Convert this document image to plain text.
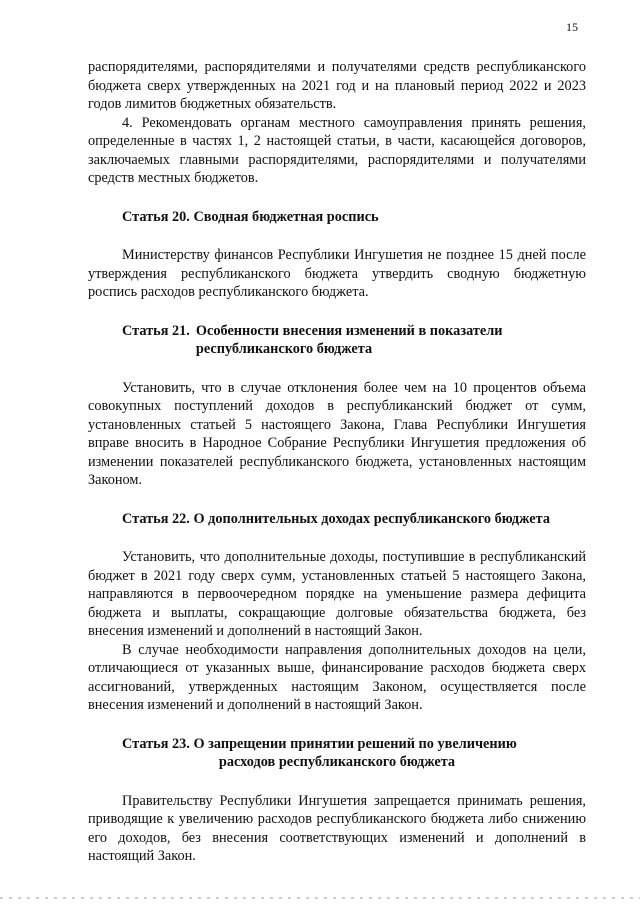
15

распорядителями, распорядителями и получателями средств республиканского бюджета сверх утвержденных на 2021 год и на плановый период 2022 и 2023 годов лимитов бюджетных обязательств.

4. Рекомендовать органам местного самоуправления принять решения, определенные в частях 1, 2 настоящей статьи, в части, касающейся договоров, заключаемых главными распорядителями, распорядителями и получателями средств местных бюджетов.

Статья 20. Сводная бюджетная роспись

Министерству финансов Республики Ингушетия не позднее 15 дней после утверждения республиканского бюджета утвердить сводную бюджетную роспись расходов республиканского бюджета.

Статья 21. Особенности внесения изменений в показатели республиканского бюджета

Установить, что в случае отклонения более чем на 10 процентов объема совокупных поступлений доходов в республиканский бюджет от сумм, установленных статьей 5 настоящего Закона, Глава Республики Ингушетия вправе вносить в Народное Собрание Республики Ингушетия предложения об изменении показателей республиканского бюджета, установленных настоящим Законом.

Статья 22. О дополнительных доходах республиканского бюджета

Установить, что дополнительные доходы, поступившие в республиканский бюджет в 2021 году сверх сумм, установленных статьей 5 настоящего Закона, направляются в первоочередном порядке на уменьшение размера дефицита бюджета и выплаты, сокращающие долговые обязательства бюджета, без внесения изменений и дополнений в настоящий Закон.

В случае необходимости направления дополнительных доходов на цели, отличающиеся от указанных выше, финансирование расходов бюджета сверх ассигнований, утвержденных настоящим Законом, осуществляется после внесения изменений и дополнений в настоящий Закон.

Статья 23. О запрещении принятии решений по увеличению
расходов республиканского бюджета

Правительству Республики Ингушетия запрещается принимать решения, приводящие к увеличению расходов республиканского бюджета либо снижению его доходов, без внесения соответствующих изменений и дополнений в настоящий Закон.
